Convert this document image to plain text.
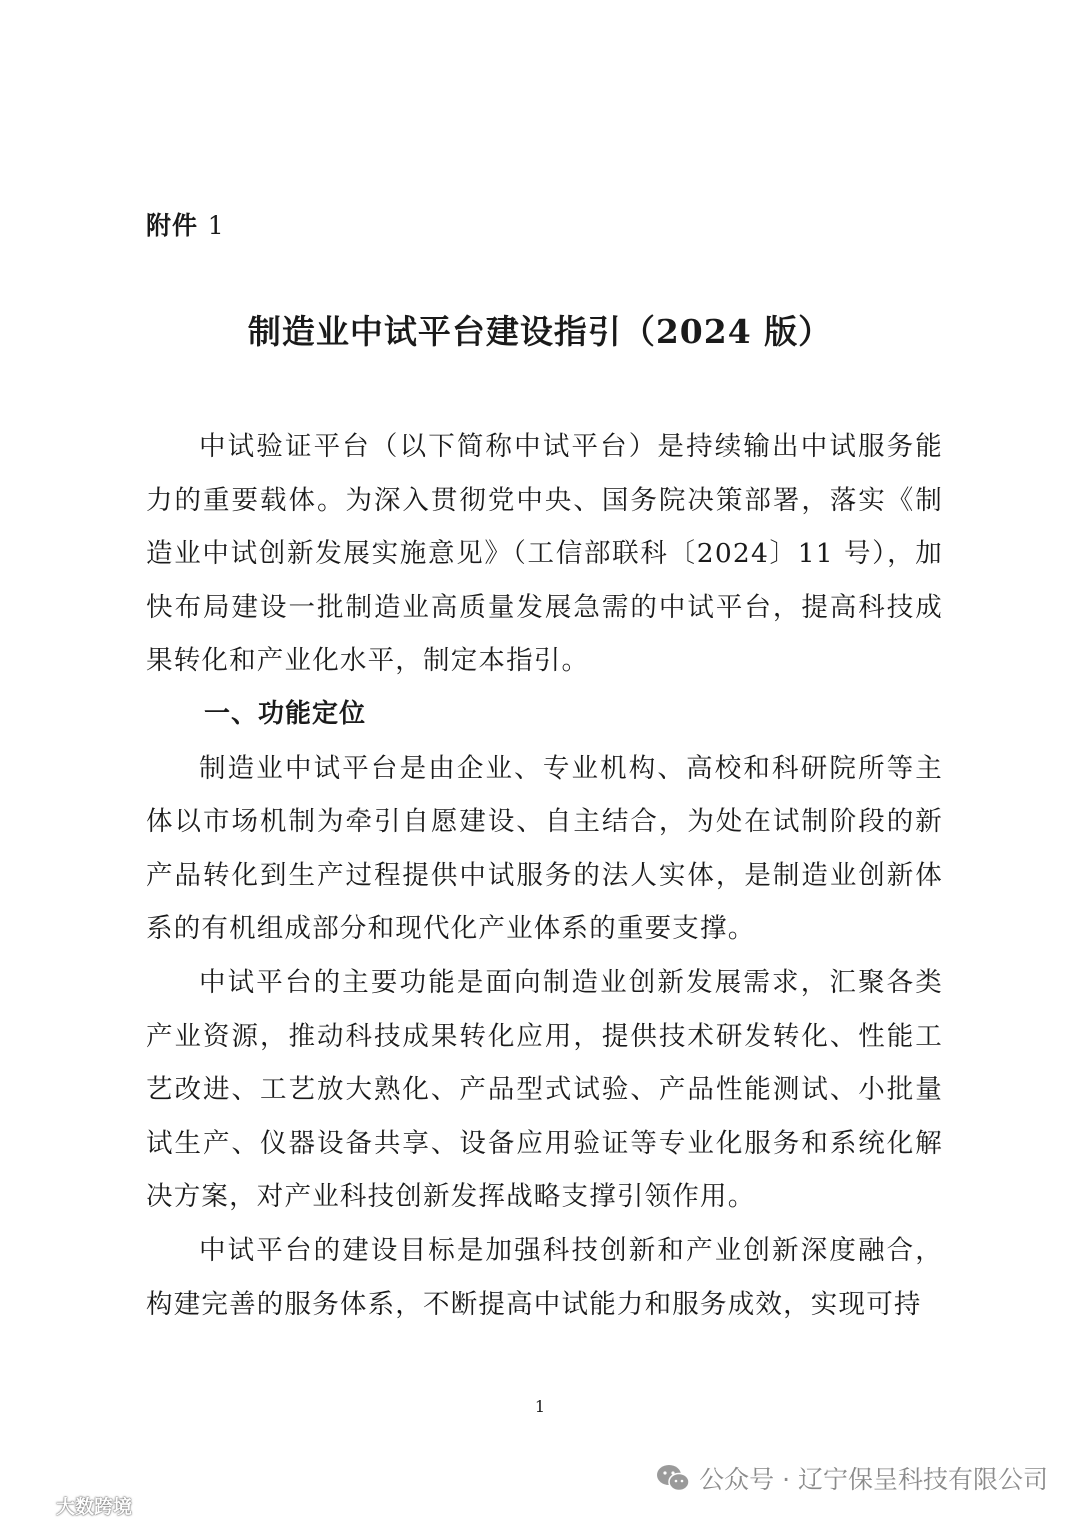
附件 1
制造业中试平台建设指引（2024 版）

中试验证平台（以下简称中试平台）是持续输出中试服务能力的重要载体。为深入贯彻党中央、国务院决策部署，落实《制造业中试创新发展实施意见》（工信部联科〔2024〕11 号），加快布局建设一批制造业高质量发展急需的中试平台，提高科技成果转化和产业化水平，制定本指引。

一、功能定位

制造业中试平台是由企业、专业机构、高校和科研院所等主体以市场机制为牵引自愿建设、自主结合，为处在试制阶段的新产品转化到生产过程提供中试服务的法人实体，是制造业创新体系的有机组成部分和现代化产业体系的重要支撑。

中试平台的主要功能是面向制造业创新发展需求，汇聚各类产业资源，推动科技成果转化应用，提供技术研发转化、性能工艺改进、工艺放大熟化、产品型式试验、产品性能测试、小批量试生产、仪器设备共享、设备应用验证等专业化服务和系统化解决方案，对产业科技创新发挥战略支撑引领作用。

中试平台的建设目标是加强科技创新和产业创新深度融合，构建完善的服务体系，不断提高中试能力和服务成效，实现可持

1
公众号 · 辽宁保呈科技有限公司
大数跨境
